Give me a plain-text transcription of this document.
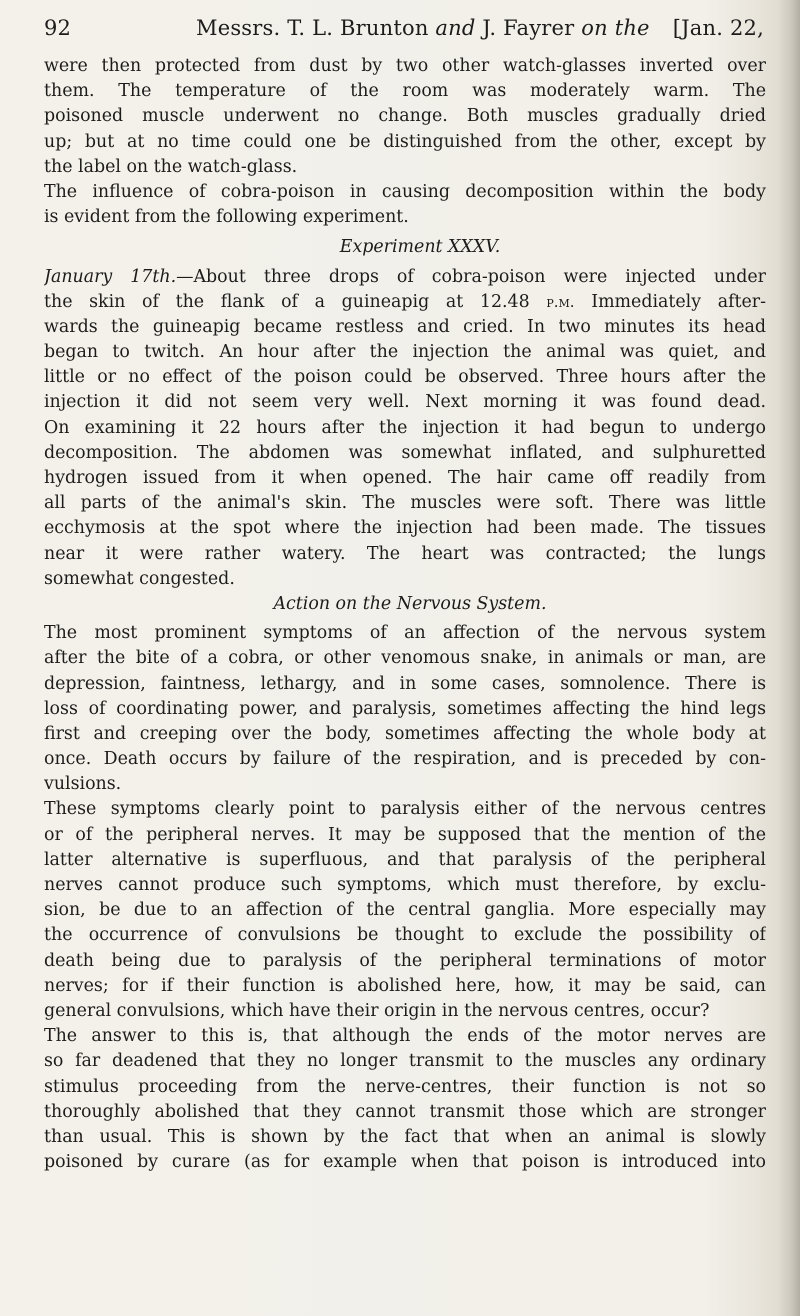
92	Messrs. T. L. Brunton and J. Fayrer on the [Jan. 22,
were then protected from dust by two other watch-glasses inverted over
them. The temperature of the room was moderately warm. The
poisoned muscle underwent no change. Both muscles gradually dried
up; but at no time could one be distinguished from the other, except by
the label on the watch-glass.
The influence of cobra-poison in causing decomposition within the body
is evident from the following experiment.
Experiment XXXV.
January 17th.—About three drops of cobra-poison were injected under
the skin of the flank of a guineapig at 12.48 p.m. Immediately after-
wards the guineapig became restless and cried. In two minutes its head
began to twitch. An hour after the injection the animal was quiet, and
little or no effect of the poison could be observed. Three hours after the
injection it did not seem very well. Next morning it was found dead.
On examining it 22 hours after the injection it had begun to undergo
decomposition. The abdomen was somewhat inflated, and sulphuretted
hydrogen issued from it when opened. The hair came off readily from
all parts of the animal's skin. The muscles were soft. There was little
ecchymosis at the spot where the injection had been made. The tissues
near it were rather watery. The heart was contracted; the lungs
somewhat congested.
Action on the Nervous System.
The most prominent symptoms of an affection of the nervous system
after the bite of a cobra, or other venomous snake, in animals or man, are
depression, faintness, lethargy, and in some cases, somnolence. There is
loss of coordinating power, and paralysis, sometimes affecting the hind legs
first and creeping over the body, sometimes affecting the whole body at
once. Death occurs by failure of the respiration, and is preceded by con-
vulsions.
These symptoms clearly point to paralysis either of the nervous centres
or of the peripheral nerves. It may be supposed that the mention of the
latter alternative is superfluous, and that paralysis of the peripheral
nerves cannot produce such symptoms, which must therefore, by exclu-
sion, be due to an affection of the central ganglia. More especially may
the occurrence of convulsions be thought to exclude the possibility of
death being due to paralysis of the peripheral terminations of motor
nerves; for if their function is abolished here, how, it may be said, can
general convulsions, which have their origin in the nervous centres, occur?
The answer to this is, that although the ends of the motor nerves are
so far deadened that they no longer transmit to the muscles any ordinary
stimulus proceeding from the nerve-centres, their function is not so
thoroughly abolished that they cannot transmit those which are stronger
than usual. This is shown by the fact that when an animal is slowly
poisoned by curare (as for example when that poison is introduced into
